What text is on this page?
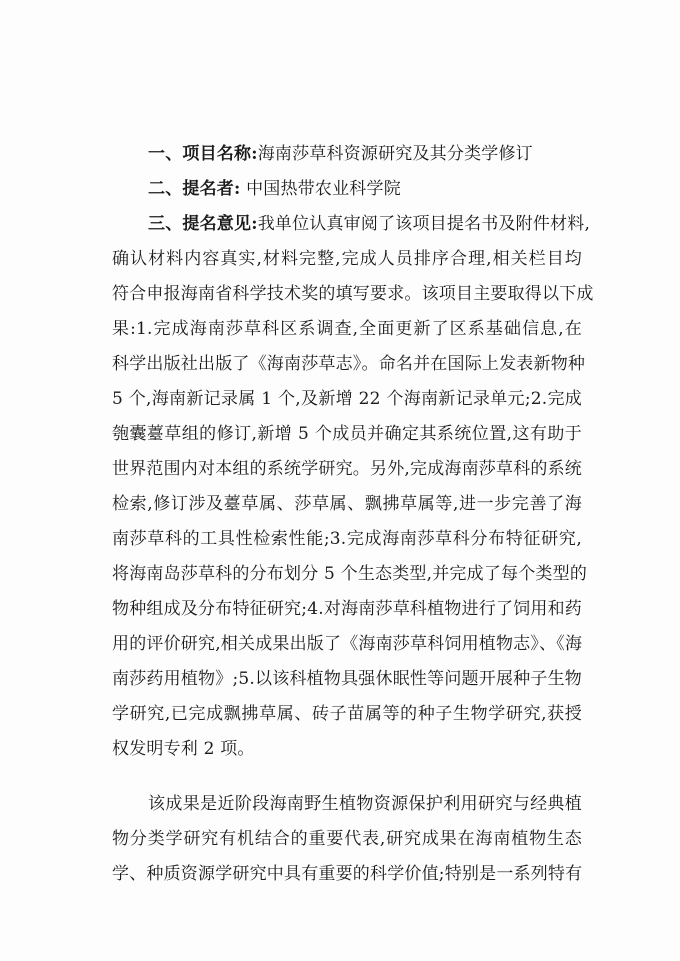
一、项目名称:海南莎草科资源研究及其分类学修订
二、提名者: 中国热带农业科学院
三、提名意见:我单位认真审阅了该项目提名书及附件材料,
确认材料内容真实,材料完整,完成人员排序合理,相关栏目均
符合申报海南省科学技术奖的填写要求。该项目主要取得以下成
果:1.完成海南莎草科区系调查,全面更新了区系基础信息,在
科学出版社出版了《海南莎草志》。命名并在国际上发表新物种
5 个,海南新记录属 1 个,及新增 22 个海南新记录单元;2.完成
匏囊薹草组的修订,新增 5 个成员并确定其系统位置,这有助于
世界范围内对本组的系统学研究。另外,完成海南莎草科的系统
检索,修订涉及薹草属、莎草属、飘拂草属等,进一步完善了海
南莎草科的工具性检索性能;3.完成海南莎草科分布特征研究,
将海南岛莎草科的分布划分 5 个生态类型,并完成了每个类型的
物种组成及分布特征研究;4.对海南莎草科植物进行了饲用和药
用的评价研究,相关成果出版了《海南莎草科饲用植物志》、《海
南莎药用植物》;5.以该科植物具强休眠性等问题开展种子生物
学研究,已完成飘拂草属、砖子苗属等的种子生物学研究,获授
权发明专利 2 项。
该成果是近阶段海南野生植物资源保护利用研究与经典植
物分类学研究有机结合的重要代表,研究成果在海南植物生态
学、种质资源学研究中具有重要的科学价值;特别是一系列特有
